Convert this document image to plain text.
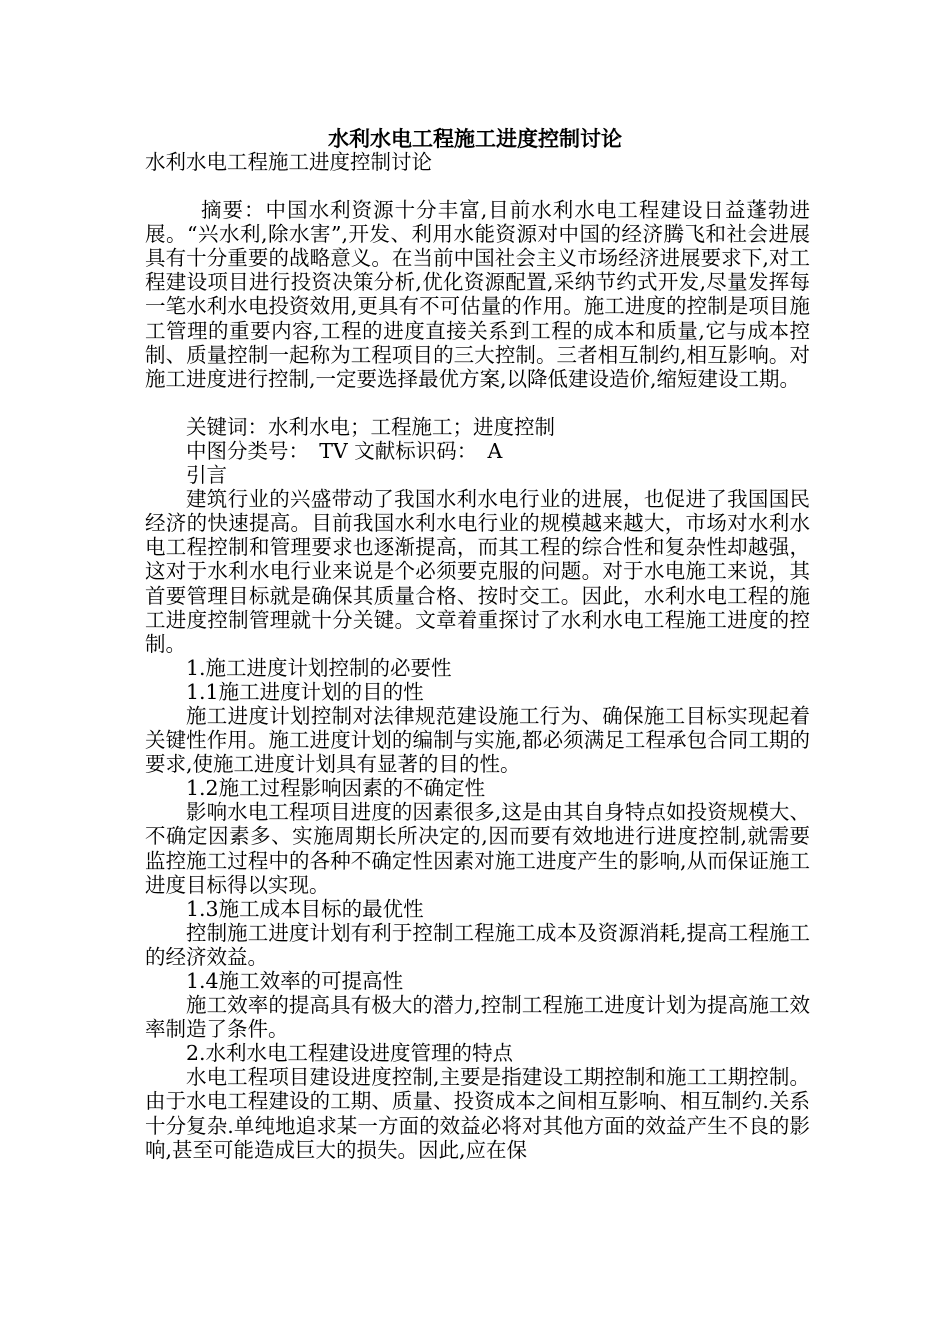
水利水电工程施工进度控制讨论

水利水电工程施工进度控制讨论

摘要：中国水利资源十分丰富,目前水利水电工程建设日益蓬勃进展。“兴水利,除水害”,开发、利用水能资源对中国的经济腾飞和社会进展具有十分重要的战略意义。在当前中国社会主义市场经济进展要求下,对工程建设项目进行投资决策分析,优化资源配置,采纳节约式开发,尽量发挥每一笔水利水电投资效用,更具有不可估量的作用。施工进度的控制是项目施工管理的重要内容,工程的进度直接关系到工程的成本和质量,它与成本控制、质量控制一起称为工程项目的三大控制。三者相互制约,相互影响。对施工进度进行控制,一定要选择最优方案,以降低建设造价,缩短建设工期。

关键词：水利水电；工程施工；进度控制

中图分类号：　TV 文献标识码：　A

引言

建筑行业的兴盛带动了我国水利水电行业的进展，也促进了我国国民经济的快速提高。目前我国水利水电行业的规模越来越大，市场对水利水电工程控制和管理要求也逐渐提高，而其工程的综合性和复杂性却越强，这对于水利水电行业来说是个必须要克服的问题。对于水电施工来说，其首要管理目标就是确保其质量合格、按时交工。因此，水利水电工程的施工进度控制管理就十分关键。文章着重探讨了水利水电工程施工进度的控制。

1.施工进度计划控制的必要性

1.1施工进度计划的目的性

施工进度计划控制对法律规范建设施工行为、确保施工目标实现起着关键性作用。施工进度计划的编制与实施,都必须满足工程承包合同工期的要求,使施工进度计划具有显著的目的性。

1.2施工过程影响因素的不确定性

影响水电工程项目进度的因素很多,这是由其自身特点如投资规模大、不确定因素多、实施周期长所决定的,因而要有效地进行进度控制,就需要监控施工过程中的各种不确定性因素对施工进度产生的影响,从而保证施工进度目标得以实现。

1.3施工成本目标的最优性

控制施工进度计划有利于控制工程施工成本及资源消耗,提高工程施工的经济效益。

1.4施工效率的可提高性

施工效率的提高具有极大的潜力,控制工程施工进度计划为提高施工效率制造了条件。

2.水利水电工程建设进度管理的特点

水电工程项目建设进度控制,主要是指建设工期控制和施工工期控制。由于水电工程建设的工期、质量、投资成本之间相互影响、相互制约.关系十分复杂.单纯地追求某一方面的效益必将对其他方面的效益产生不良的影响,甚至可能造成巨大的损失。因此,应在保
